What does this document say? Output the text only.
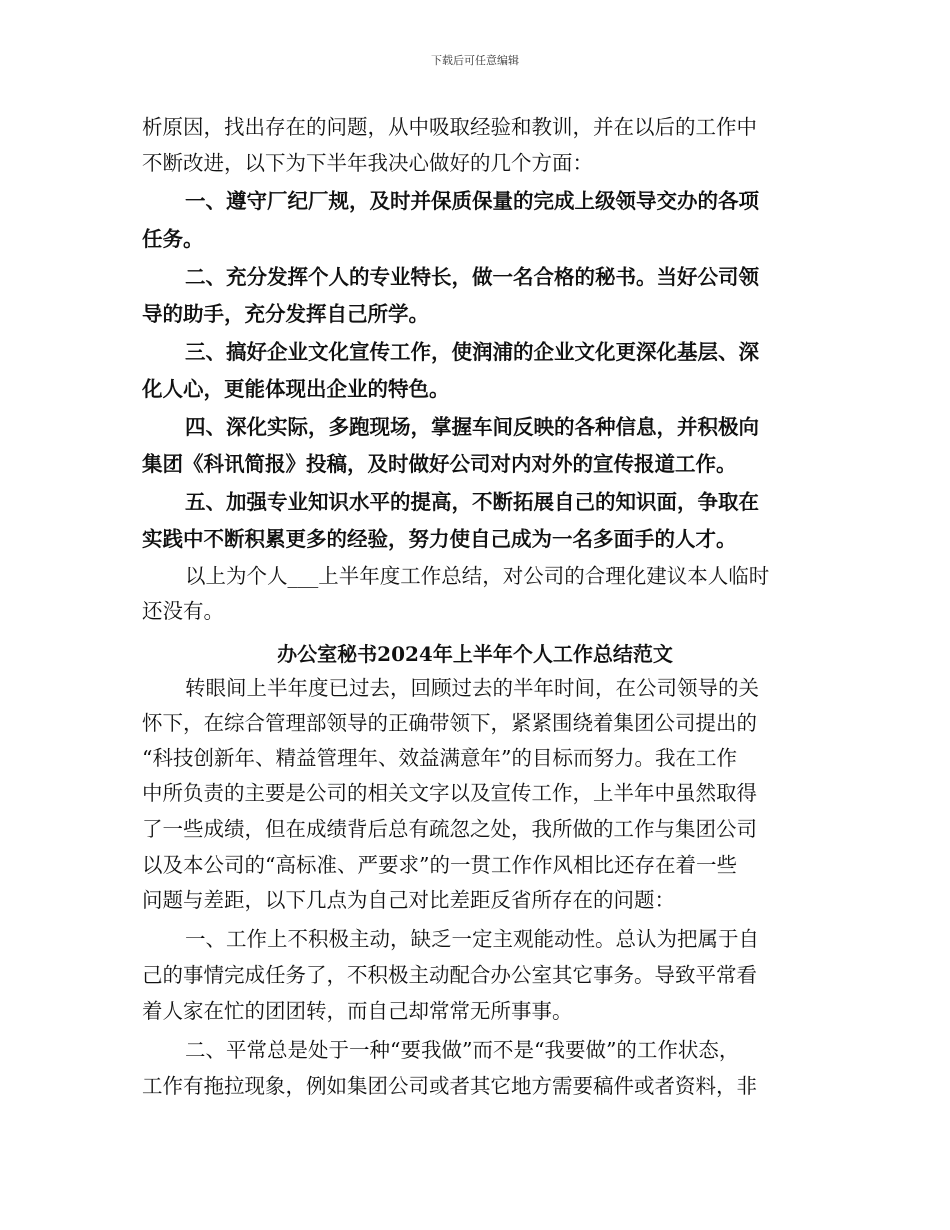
下载后可任意编辑
析原因，找出存在的问题，从中吸取经验和教训，并在以后的工作中
不断改进，以下为下半年我决心做好的几个方面：
一、遵守厂纪厂规，及时并保质保量的完成上级领导交办的各项
任务。
二、充分发挥个人的专业特长，做一名合格的秘书。当好公司领
导的助手，充分发挥自己所学。
三、搞好企业文化宣传工作，使润浦的企业文化更深化基层、深
化人心，更能体现出企业的特色。
四、深化实际，多跑现场，掌握车间反映的各种信息，并积极向
集团《科讯简报》投稿，及时做好公司对内对外的宣传报道工作。
五、加强专业知识水平的提高，不断拓展自己的知识面，争取在
实践中不断积累更多的经验，努力使自己成为一名多面手的人才。
以上为个人___上半年度工作总结，对公司的合理化建议本人临时
还没有。
办公室秘书2024年上半年个人工作总结范文
转眼间上半年度已过去，回顾过去的半年时间，在公司领导的关
怀下，在综合管理部领导的正确带领下，紧紧围绕着集团公司提出的
“科技创新年、精益管理年、效益满意年”的目标而努力。我在工作
中所负责的主要是公司的相关文字以及宣传工作，上半年中虽然取得
了一些成绩，但在成绩背后总有疏忽之处，我所做的工作与集团公司
以及本公司的“高标准、严要求”的一贯工作作风相比还存在着一些
问题与差距，以下几点为自己对比差距反省所存在的问题：
一、工作上不积极主动，缺乏一定主观能动性。总认为把属于自
己的事情完成任务了，不积极主动配合办公室其它事务。导致平常看
着人家在忙的团团转，而自己却常常无所事事。
二、平常总是处于一种“要我做”而不是“我要做”的工作状态，
工作有拖拉现象，例如集团公司或者其它地方需要稿件或者资料，非
